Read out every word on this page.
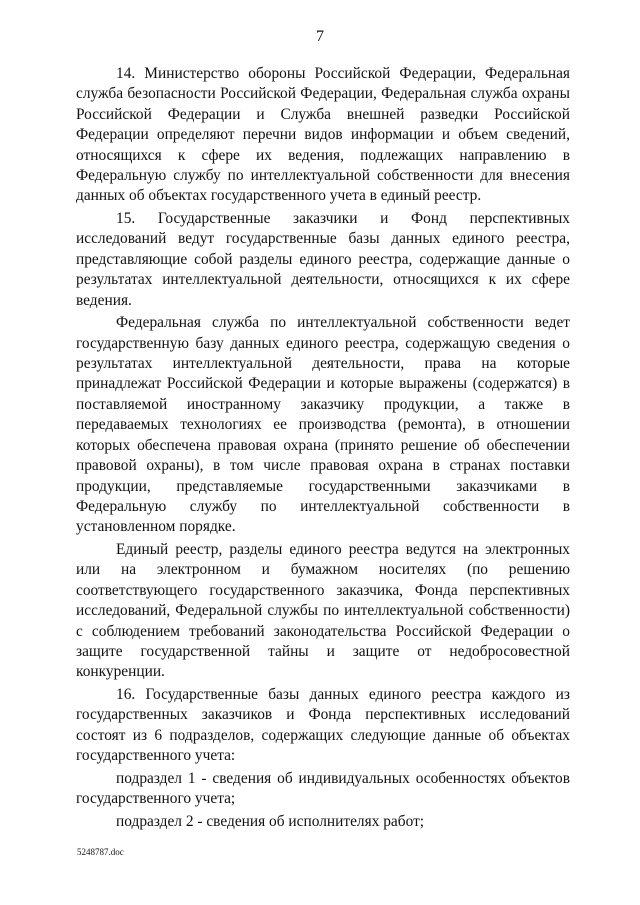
7

14. Министерство обороны Российской Федерации, Федеральная служба безопасности Российской Федерации, Федеральная служба охраны Российской Федерации и Служба внешней разведки Российской Федерации определяют перечни видов информации и объем сведений, относящихся к сфере их ведения, подлежащих направлению в Федеральную службу по интеллектуальной собственности для внесения данных об объектах государственного учета в единый реестр.

15. Государственные заказчики и Фонд перспективных исследований ведут государственные базы данных единого реестра, представляющие собой разделы единого реестра, содержащие данные о результатах интеллектуальной деятельности, относящихся к их сфере ведения.

Федеральная служба по интеллектуальной собственности ведет государственную базу данных единого реестра, содержащую сведения о результатах интеллектуальной деятельности, права на которые принадлежат Российской Федерации и которые выражены (содержатся) в поставляемой иностранному заказчику продукции, а также в передаваемых технологиях ее производства (ремонта), в отношении которых обеспечена правовая охрана (принято решение об обеспечении правовой охраны), в том числе правовая охрана в странах поставки продукции, представляемые государственными заказчиками в Федеральную службу по интеллектуальной собственности в установленном порядке.

Единый реестр, разделы единого реестра ведутся на электронных или на электронном и бумажном носителях (по решению соответствующего государственного заказчика, Фонда перспективных исследований, Федеральной службы по интеллектуальной собственности) с соблюдением требований законодательства Российской Федерации о защите государственной тайны и защите от недобросовестной конкуренции.

16. Государственные базы данных единого реестра каждого из государственных заказчиков и Фонда перспективных исследований состоят из 6 подразделов, содержащих следующие данные об объектах государственного учета:

подраздел 1 - сведения об индивидуальных особенностях объектов государственного учета;

подраздел 2 - сведения об исполнителях работ;

5248787.doc
